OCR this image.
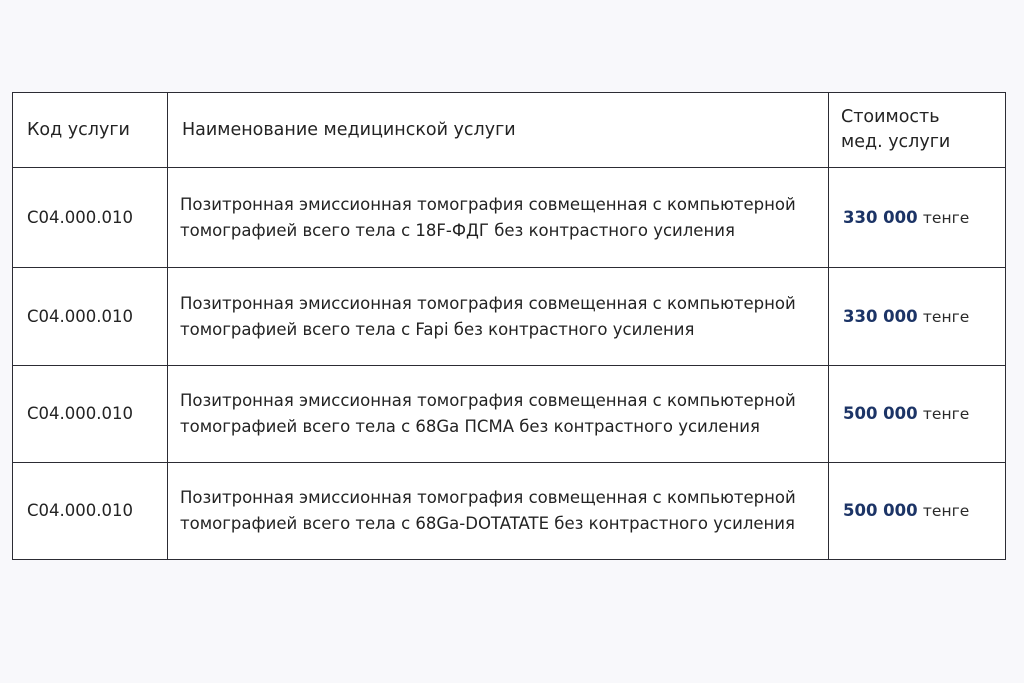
Код услуги	Наименование медицинской услуги	Стоимость
мед. услуги
C04.000.010	Позитронная эмиссионная томография совмещенная с компьютерной томографией всего тела с 18F-ФДГ без контрастного усиления	330 000 тенге
C04.000.010	Позитронная эмиссионная томография совмещенная с компьютерной томографией всего тела с Fapi без контрастного усиления	330 000 тенге
C04.000.010	Позитронная эмиссионная томография совмещенная с компьютерной томографией всего тела с 68Ga ПСМА без контрастного усиления	500 000 тенге
C04.000.010	Позитронная эмиссионная томография совмещенная с компьютерной томографией всего тела с 68Ga-DOTATATE без контрастного усиления	500 000 тенге
